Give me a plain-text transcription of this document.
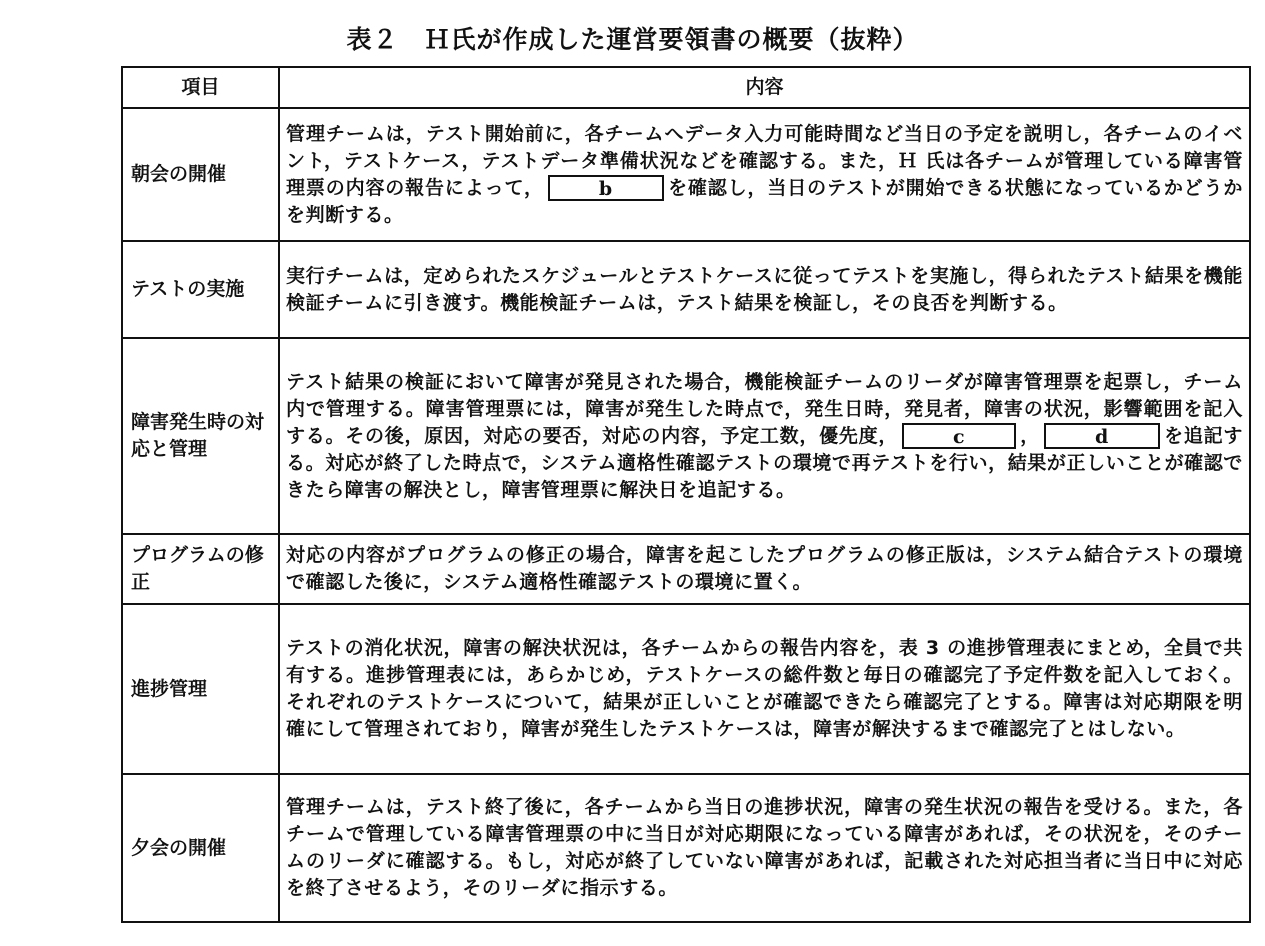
表２　Ｈ氏が作成した運営要領書の概要（抜粋）
項目	内容
朝会の開催	管理チームは，テスト開始前に，各チームへデータ入力可能時間など当日の予定を説明し，各チームのイベント，テストケース，テストデータ準備状況などを確認する。また，Ｈ 氏は各チームが管理している障害管理票の内容の報告によって， b を確認し，当日のテストが開始できる状態になっているかどうかを判断する。
テストの実施	実行チームは，定められたスケジュールとテストケースに従ってテストを実施し，得られたテスト結果を機能検証チームに引き渡す。機能検証チームは，テスト結果を検証し，その良否を判断する。
障害発生時の対応と管理	テスト結果の検証において障害が発見された場合，機能検証チームのリーダが障害管理票を起票し，チーム内で管理する。障害管理票には，障害が発生した時点で，発生日時，発見者，障害の状況，影響範囲を記入する。その後，原因，対応の要否，対応の内容，予定工数，優先度， c ， d を追記する。対応が終了した時点で，システム適格性確認テストの環境で再テストを行い，結果が正しいことが確認できたら障害の解決とし，障害管理票に解決日を追記する。
プログラムの修正	対応の内容がプログラムの修正の場合，障害を起こしたプログラムの修正版は，システム結合テストの環境で確認した後に，システム適格性確認テストの環境に置く。
進捗管理	テストの消化状況，障害の解決状況は，各チームからの報告内容を，表 3 の進捗管理表にまとめ，全員で共有する。進捗管理表には，あらかじめ，テストケースの総件数と毎日の確認完了予定件数を記入しておく。それぞれのテストケースについて，結果が正しいことが確認できたら確認完了とする。障害は対応期限を明確にして管理されており，障害が発生したテストケースは，障害が解決するまで確認完了とはしない。
夕会の開催	管理チームは，テスト終了後に，各チームから当日の進捗状況，障害の発生状況の報告を受ける。また，各チームで管理している障害管理票の中に当日が対応期限になっている障害があれば，その状況を，そのチームのリーダに確認する。もし，対応が終了していない障害があれば，記載された対応担当者に当日中に対応を終了させるよう，そのリーダに指示する。
